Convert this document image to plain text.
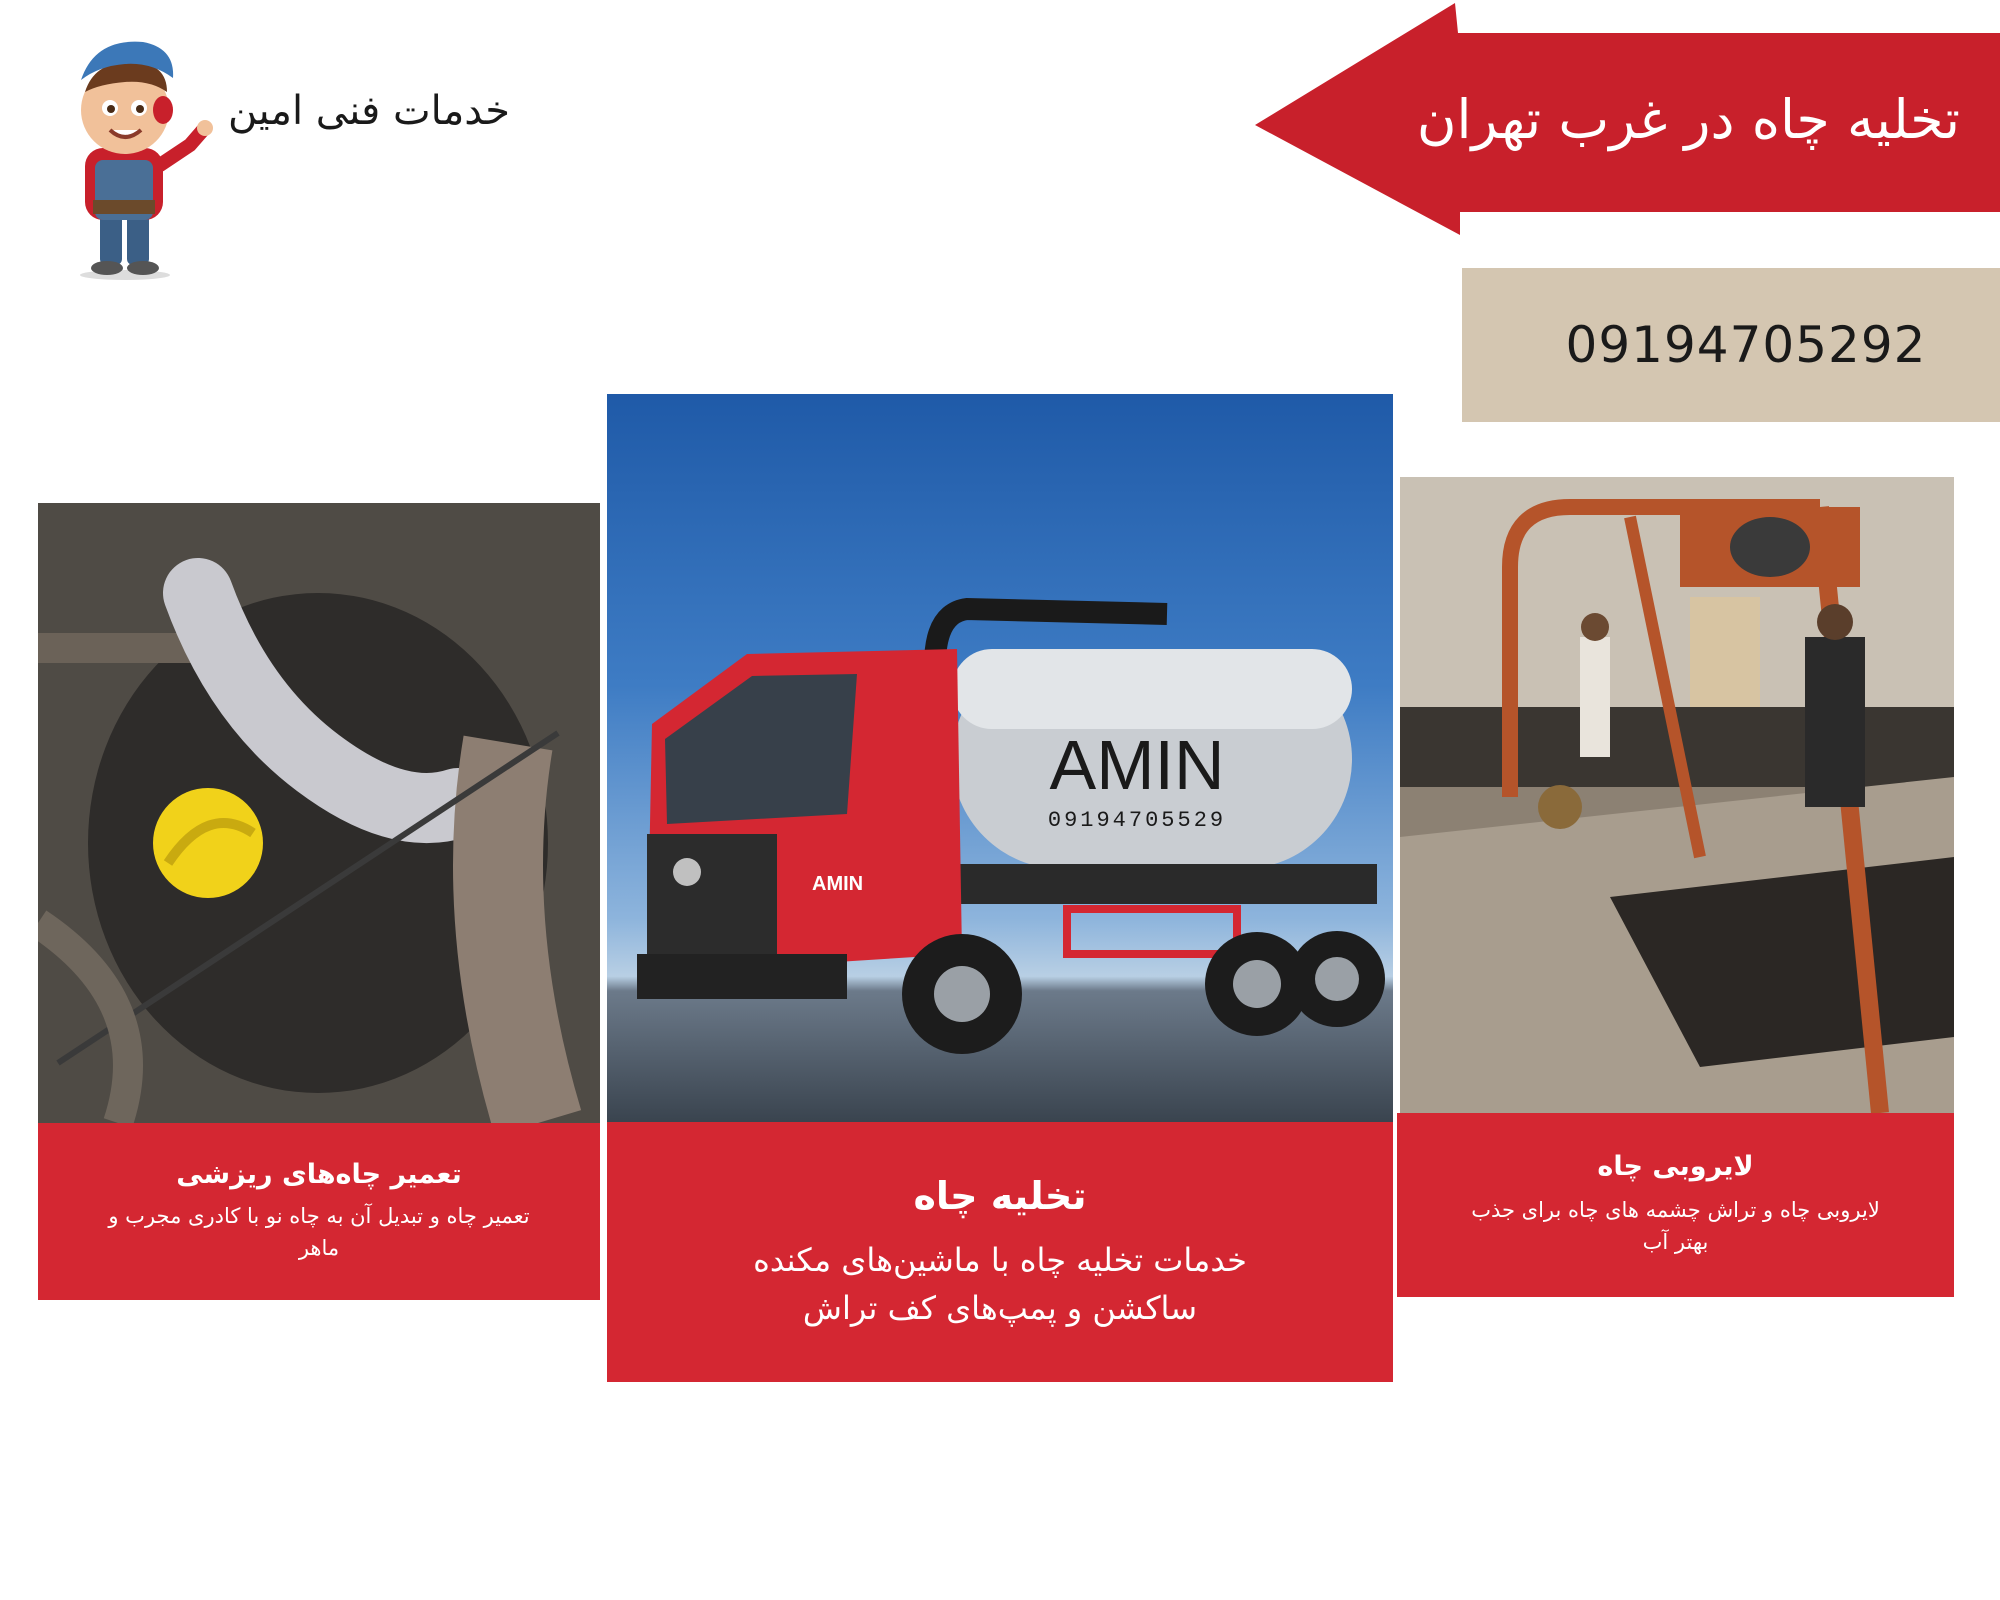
خدمات فنی امین	تخلیه چاه در غرب تهران
09194705292
تعمیر چاه‌های ریزشی
تعمیر چاه و تبدیل آن به چاه نو با کادری مجرب و ماهر
AMIN
09194705529
AMIN
تخلیه چاه
خدمات تخلیه چاه با ماشین‌های مکنده ساکشن و پمپ‌های کف تراش
لایروبی چاه
لایروبی چاه و تراش چشمه های چاه برای جذب بهتر آب
